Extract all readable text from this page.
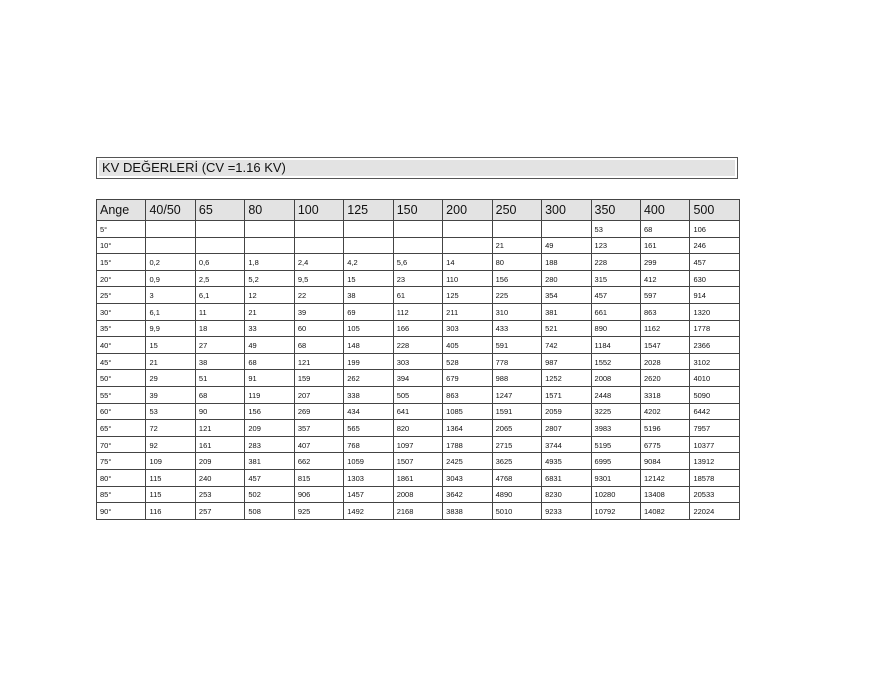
KV DEĞERLERİ (CV =1.16 KV)
Ange	40/50	65	80	100	125	150	200	250	300	350	400	500
5°										53	68	106
10°								21	49	123	161	246
15°	0,2	0,6	1,8	2,4	4,2	5,6	14	80	188	228	299	457
20°	0,9	2,5	5,2	9,5	15	23	110	156	280	315	412	630
25°	3	6,1	12	22	38	61	125	225	354	457	597	914
30°	6,1	11	21	39	69	112	211	310	381	661	863	1320
35°	9,9	18	33	60	105	166	303	433	521	890	1162	1778
40°	15	27	49	68	148	228	405	591	742	1184	1547	2366
45°	21	38	68	121	199	303	528	778	987	1552	2028	3102
50°	29	51	91	159	262	394	679	988	1252	2008	2620	4010
55°	39	68	119	207	338	505	863	1247	1571	2448	3318	5090
60°	53	90	156	269	434	641	1085	1591	2059	3225	4202	6442
65°	72	121	209	357	565	820	1364	2065	2807	3983	5196	7957
70°	92	161	283	407	768	1097	1788	2715	3744	5195	6775	10377
75°	109	209	381	662	1059	1507	2425	3625	4935	6995	9084	13912
80°	115	240	457	815	1303	1861	3043	4768	6831	9301	12142	18578
85°	115	253	502	906	1457	2008	3642	4890	8230	10280	13408	20533
90°	116	257	508	925	1492	2168	3838	5010	9233	10792	14082	22024
